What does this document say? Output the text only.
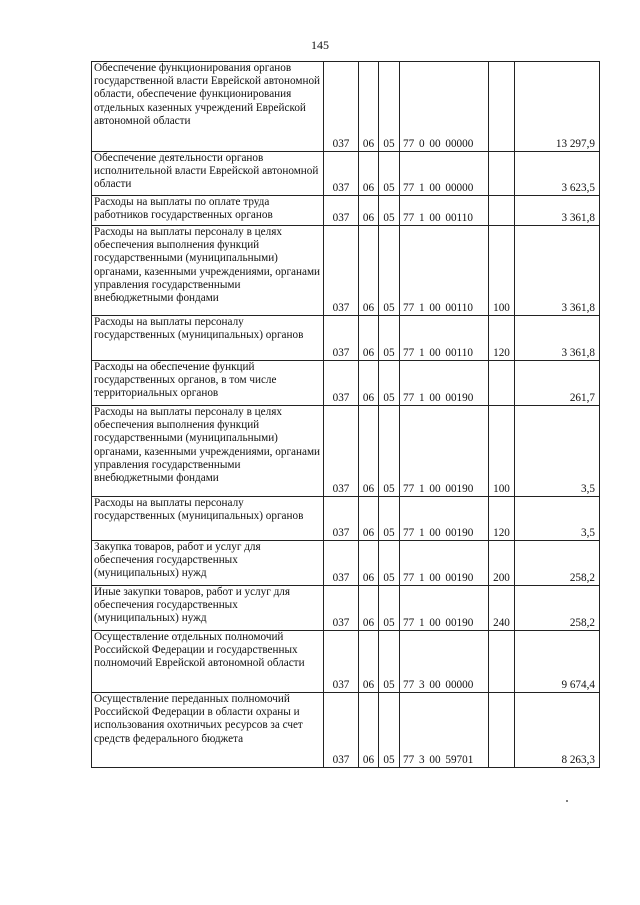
145
Обеспечение функционирования органов государственной власти Еврейской автономной области, обеспечение функционирования отдельных казенных учреждений Еврейской автономной области	037	06	05	77 0 00 00000		13 297,9
Обеспечение деятельности органов исполнительной власти Еврейской автономной области	037	06	05	77 1 00 00000		3 623,5
Расходы на выплаты по оплате труда работников государственных органов	037	06	05	77 1 00 00110		3 361,8
Расходы на выплаты персоналу в целях обеспечения выполнения функций государственными (муниципальными) органами, казенными учреждениями, органами управления государственными внебюджетными фондами	037	06	05	77 1 00 00110	100	3 361,8
Расходы на выплаты персоналу государственных (муниципальных) органов	037	06	05	77 1 00 00110	120	3 361,8
Расходы на обеспечение функций государственных органов, в том числе территориальных органов	037	06	05	77 1 00 00190		261,7
Расходы на выплаты персоналу в целях обеспечения выполнения функций государственными (муниципальными) органами, казенными учреждениями, органами управления государственными внебюджетными фондами	037	06	05	77 1 00 00190	100	3,5
Расходы на выплаты персоналу государственных (муниципальных) органов	037	06	05	77 1 00 00190	120	3,5
Закупка товаров, работ и услуг для обеспечения государственных (муниципальных) нужд	037	06	05	77 1 00 00190	200	258,2
Иные закупки товаров, работ и услуг для обеспечения государственных (муниципальных) нужд	037	06	05	77 1 00 00190	240	258,2
Осуществление отдельных полномочий Российской Федерации и государственных полномочий Еврейской автономной области	037	06	05	77 3 00 00000		9 674,4
Осуществление переданных полномочий Российской Федерации в области охраны и использования охотничьих ресурсов за счет средств федерального бюджета	037	06	05	77 3 00 59701		8 263,3
